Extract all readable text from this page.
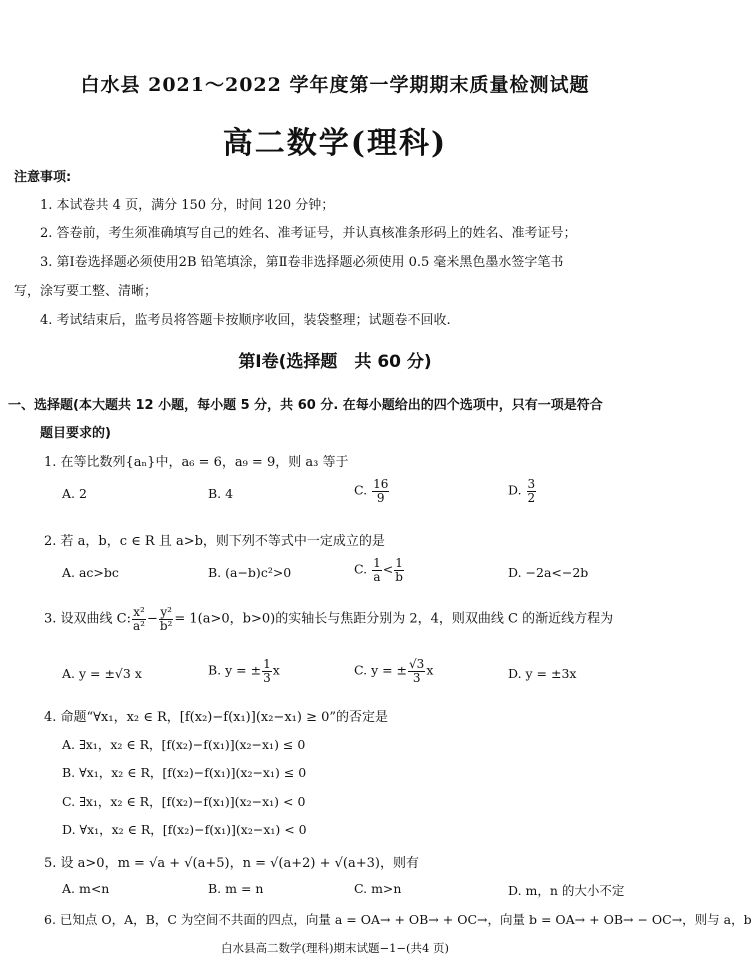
白水县 2021～2022 学年度第一学期期末质量检测试题
高二数学(理科)
注意事项:
1. 本试卷共 4 页，满分 150 分，时间 120 分钟；
2. 答卷前，考生须准确填写自己的姓名、准考证号，并认真核准条形码上的姓名、准考证号；
3. 第Ⅰ卷选择题必须使用2B 铅笔填涂，第Ⅱ卷非选择题必须使用 0.5 毫米黑色墨水签字笔书
写，涂写要工整、清晰；
4. 考试结束后，监考员将答题卡按顺序收回，装袋整理；试题卷不回收.
第Ⅰ卷(选择题　共 60 分)
一、选择题(本大题共 12 小题，每小题 5 分，共 60 分. 在每小题给出的四个选项中，只有一项是符合
题目要求的)
1. 在等比数列{aₙ}中，a₆ = 6，a₉ = 9，则 a₃ 等于
A. 2	B. 4	C. $\frac{16}{9}$	D. $\frac{3}{2}$
2. 若 a，b，c ∈ R 且 a>b，则下列不等式中一定成立的是
A. ac>bc	B. (a−b)c²>0	C. $\frac{1}{a} < \frac{1}{b}$	D. −2a<−2b
3. 设双曲线 C: $\frac{\text{x²}}{\text{a²}} - \frac{\text{y²}}{\text{b²}} = 1(a>0$，b>0)的实轴长与焦距分别为 2，4，则双曲线 C 的渐近线方程为
A. y = ±√3 x	B. y = ± $\frac{1}{3}$ x	C. y = ± $\frac{√3}{3}$ x	D. y = ±3x
4. 命题“∀x₁，x₂ ∈ R，[f(x₂)−f(x₁)](x₂−x₁) ≥ 0”的否定是
A. ∃x₁，x₂ ∈ R，[f(x₂)−f(x₁)](x₂−x₁) ≤ 0
B. ∀x₁，x₂ ∈ R，[f(x₂)−f(x₁)](x₂−x₁) ≤ 0
C. ∃x₁，x₂ ∈ R，[f(x₂)−f(x₁)](x₂−x₁) < 0
D. ∀x₁，x₂ ∈ R，[f(x₂)−f(x₁)](x₂−x₁) < 0
5. 设 a>0，m = √a + √(a+5)，n = √(a+2) + √(a+3)，则有
A. m<n	B. m = n	C. m>n	D. m，n 的大小不定
6. 已知点 O，A，B，C 为空间不共面的四点，向量 a = OA→ + OB→ + OC→，向量 b = OA→ + OB→ − OC→，则与 a，b
白水县高二数学(理科)期末试题−1−(共4 页)
